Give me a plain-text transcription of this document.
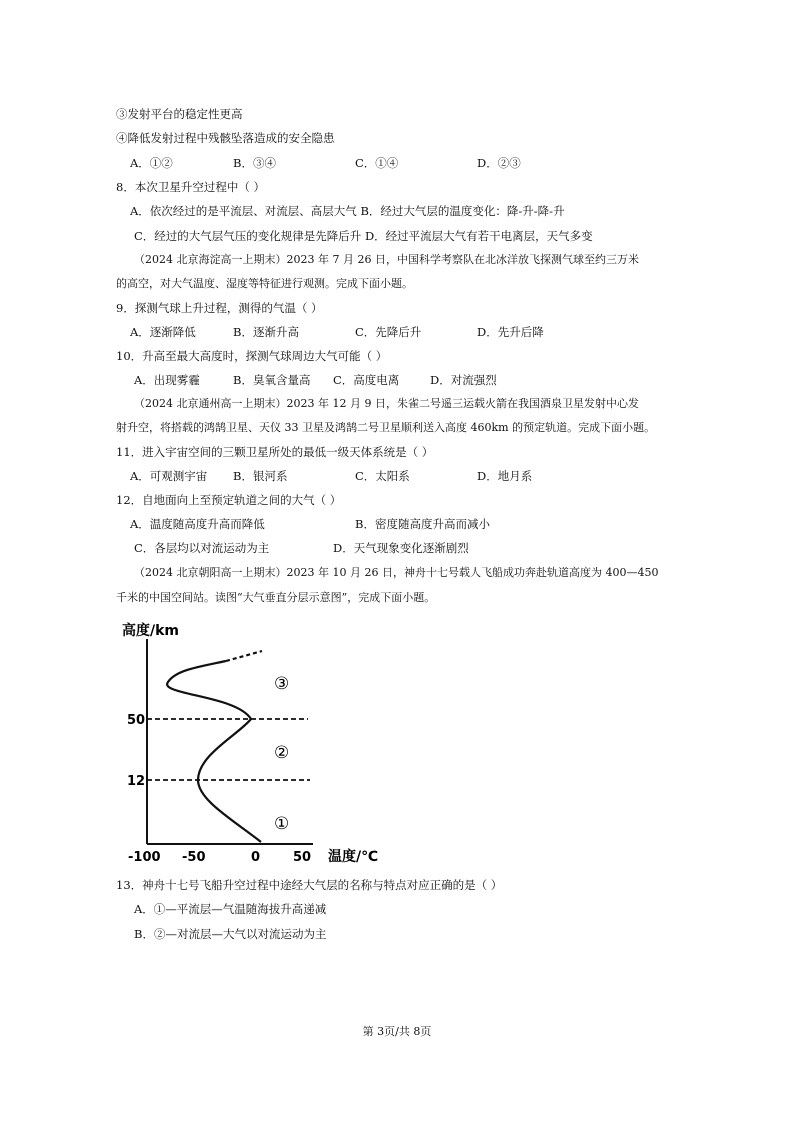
③发射平台的稳定性更高
④降低发射过程中残骸坠落造成的安全隐患
A．①②	B．③④	C．①④	D．②③
8．本次卫星升空过程中（ ）
A．依次经过的是平流层、对流层、高层大气 B．经过大气层的温度变化：降-升-降-升
C．经过的大气层气压的变化规律是先降后升 D．经过平流层大气有若干电离层，天气多变
（2024 北京海淀高一上期末）2023 年 7 月 26 日，中国科学考察队在北冰洋放飞探测气球至约三万米
的高空，对大气温度、湿度等特征进行观测。完成下面小题。
9．探测气球上升过程，测得的气温（ ）
A．逐渐降低	B．逐渐升高	C．先降后升	D．先升后降
10．升高至最大高度时，探测气球周边大气可能（ ）
A．出现雾霾	B．臭氧含量高 C．高度电离	D．对流强烈
（2024 北京通州高一上期末）2023 年 12 月 9 日，朱雀二号遥三运载火箭在我国酒泉卫星发射中心发
射升空，将搭载的鸿鹄卫星、天仪 33 卫星及鸿鹄二号卫星顺利送入高度 460km 的预定轨道。完成下面小题。
11．进入宇宙空间的三颗卫星所处的最低一级天体系统是（ ）
A．可观测宇宙 B．银河系	C．太阳系	D．地月系
12．自地面向上至预定轨道之间的大气（ ）
A．温度随高度升高而降低	B．密度随高度升高而减小
C．各层均以对流运动为主	D．天气现象变化逐渐剧烈
（2024 北京朝阳高一上期末）2023 年 10 月 26 日，神舟十七号载人飞船成功奔赴轨道高度为 400—450
千米的中国空间站。读图“大气垂直分层示意图”，完成下面小题。
高度/km
温度/℃
50
12
-100 -50	0	50
③
②
①
13．神舟十七号飞船升空过程中途经大气层的名称与特点对应正确的是（ ）
A．①—平流层—气温随海拔升高递减
B．②—对流层—大气以对流运动为主
第 3页/共 8页
